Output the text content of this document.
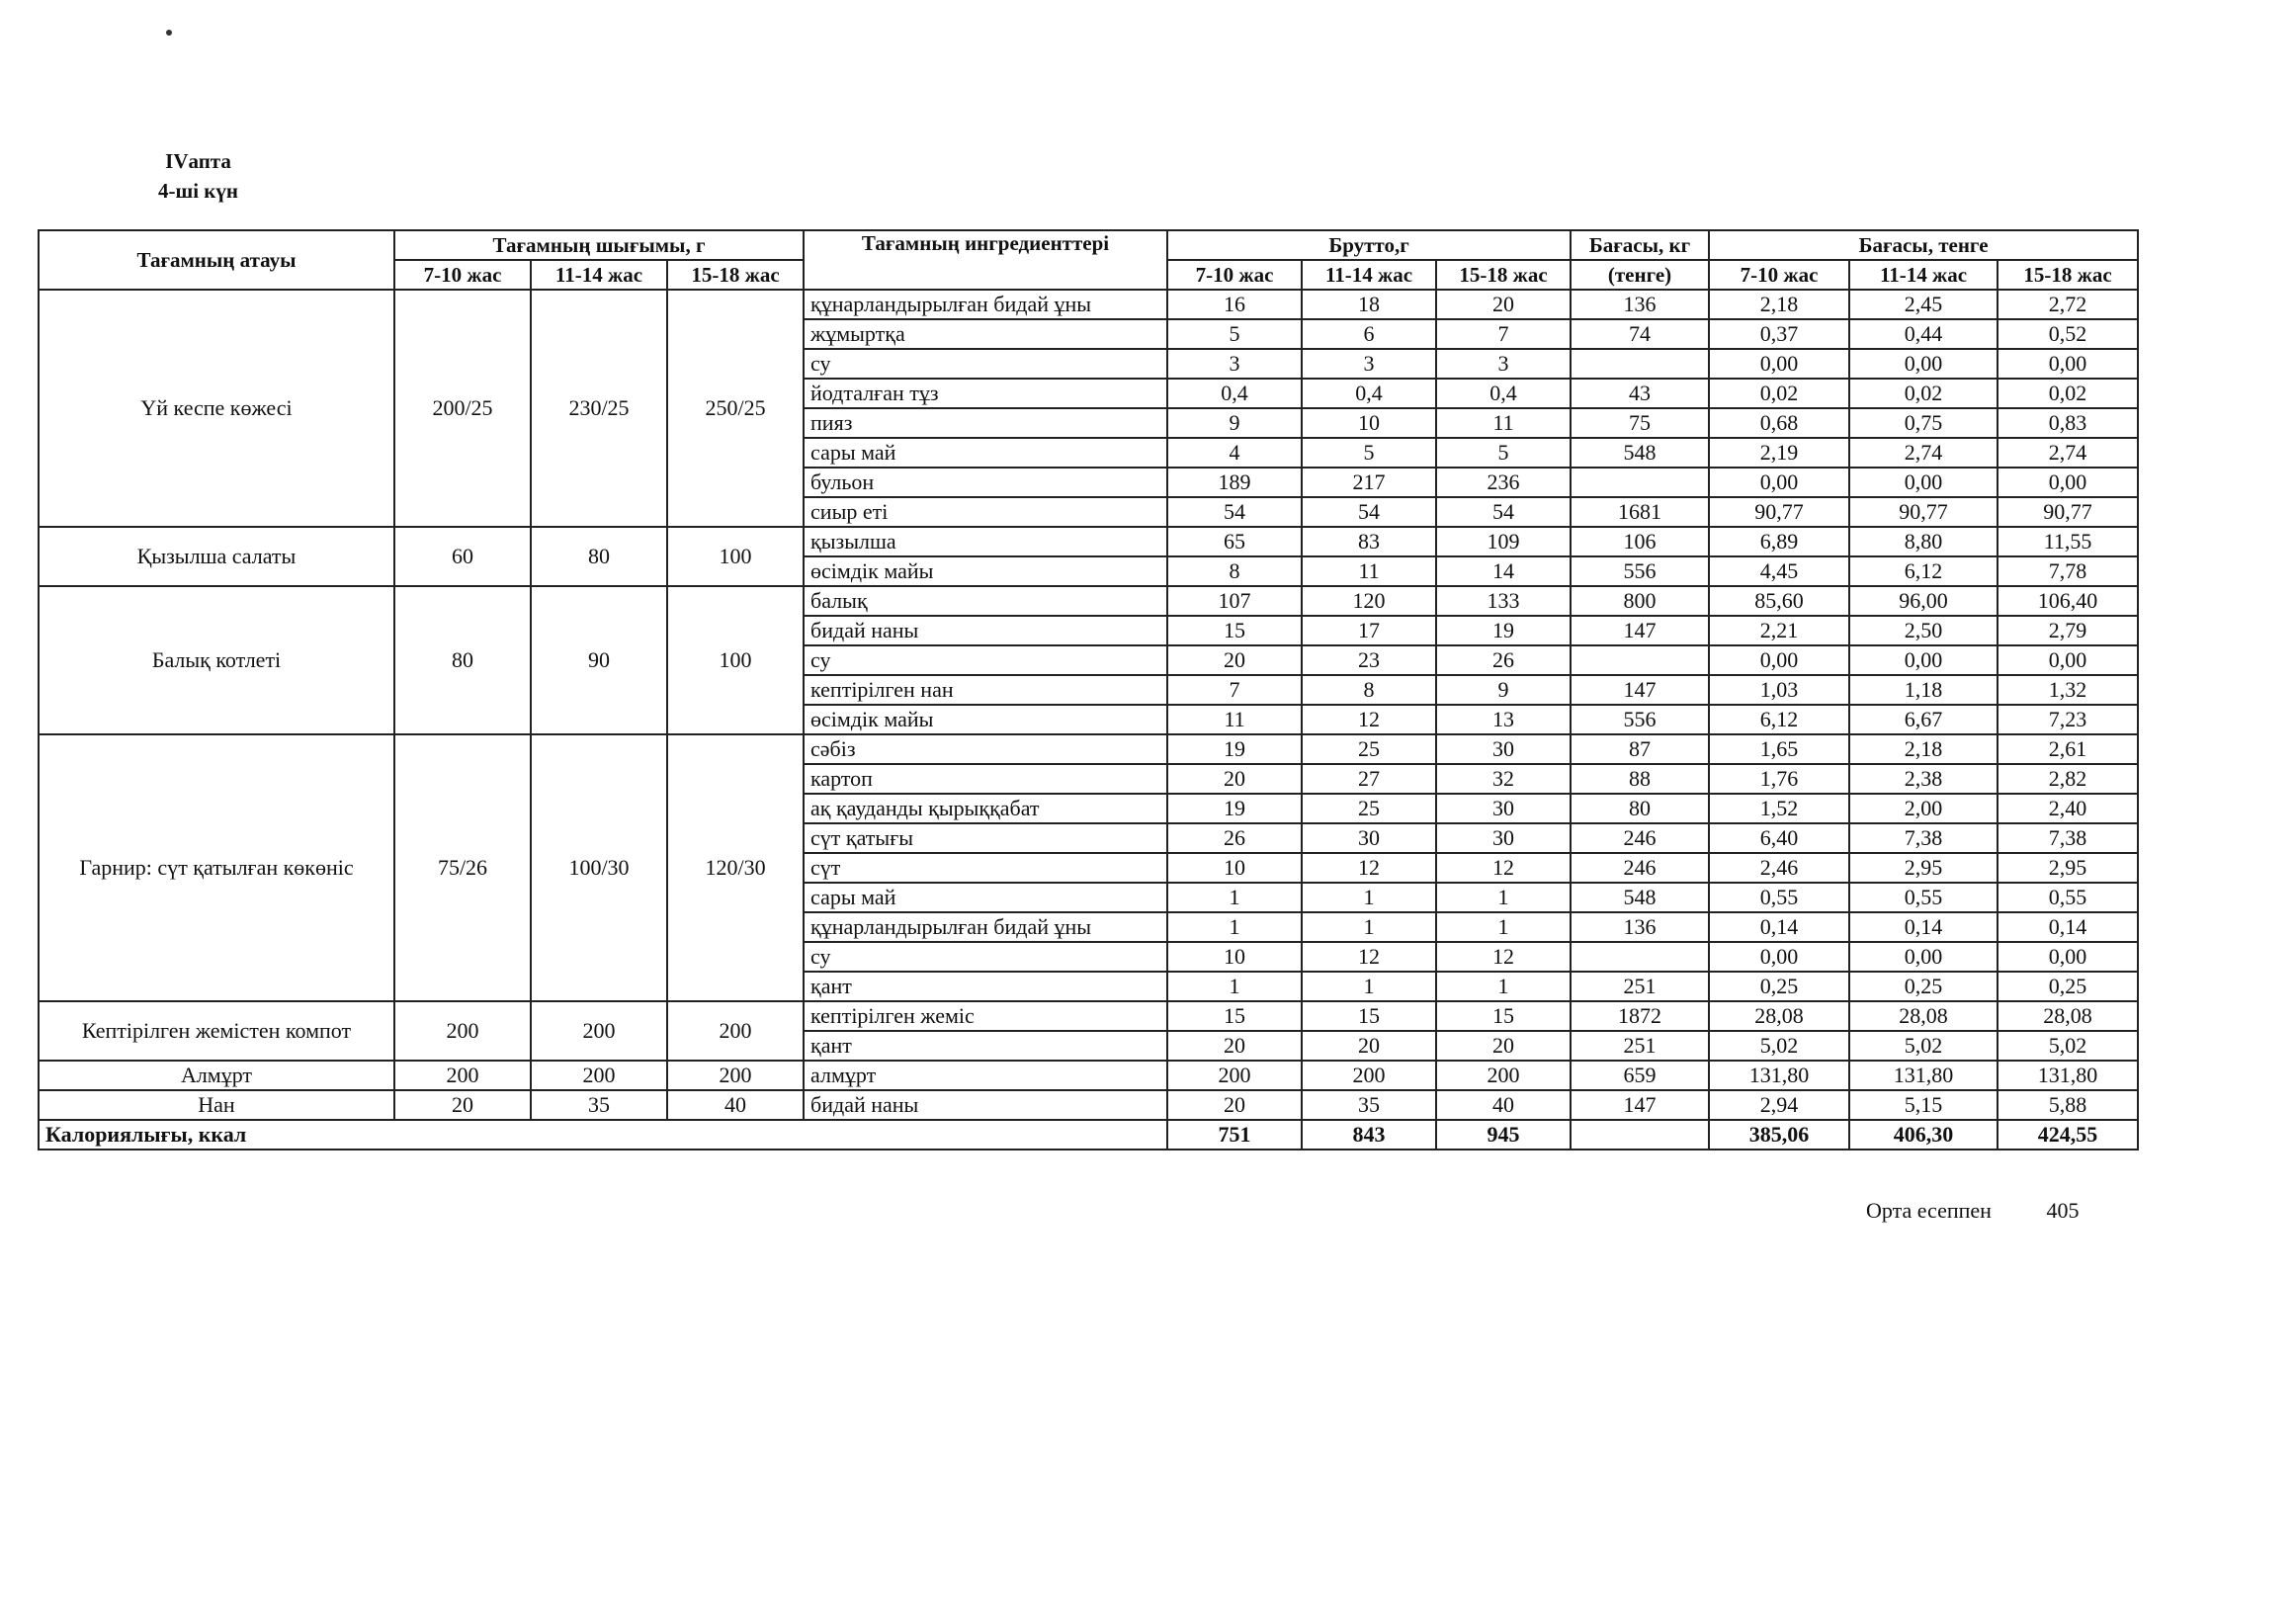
IVапта
4-ші күн
Тағамның атауы	Тағамның шығымы, г			Тағамның ингредиенттері	Брутто,г			Бағасы, кг	Бағасы, тенге		
	7-10 жас	11-14 жас	15-18 жас		7-10 жас	11-14 жас	15-18 жас	(тенге)	7-10 жас	11-14 жас	15-18 жас
Үй кеспе көжесі	200/25	230/25	250/25	құнарландырылған бидай ұны	16	18	20	136	2,18	2,45	2,72
				жұмыртқа	5	6	7	74	0,37	0,44	0,52
				су	3	3	3		0,00	0,00	0,00
				йодталған тұз	0,4	0,4	0,4	43	0,02	0,02	0,02
				пияз	9	10	11	75	0,68	0,75	0,83
				сары май	4	5	5	548	2,19	2,74	2,74
				бульон	189	217	236		0,00	0,00	0,00
				сиыр еті	54	54	54	1681	90,77	90,77	90,77
Қызылша салаты	60	80	100	қызылша	65	83	109	106	6,89	8,80	11,55
				өсімдік майы	8	11	14	556	4,45	6,12	7,78
Балық котлеті	80	90	100	балық	107	120	133	800	85,60	96,00	106,40
				бидай наны	15	17	19	147	2,21	2,50	2,79
				су	20	23	26		0,00	0,00	0,00
				кептірілген нан	7	8	9	147	1,03	1,18	1,32
				өсімдік майы	11	12	13	556	6,12	6,67	7,23
Гарнир: сүт қатылған көкөніс	75/26	100/30	120/30	сәбіз	19	25	30	87	1,65	2,18	2,61
				картоп	20	27	32	88	1,76	2,38	2,82
				ақ қауданды қырыққабат	19	25	30	80	1,52	2,00	2,40
				сүт қатығы	26	30	30	246	6,40	7,38	7,38
				сүт	10	12	12	246	2,46	2,95	2,95
				сары май	1	1	1	548	0,55	0,55	0,55
				құнарландырылған бидай ұны	1	1	1	136	0,14	0,14	0,14
				су	10	12	12		0,00	0,00	0,00
				қант	1	1	1	251	0,25	0,25	0,25
Кептірілген жемістен компот	200	200	200	кептірілген жеміс	15	15	15	1872	28,08	28,08	28,08
				қант	20	20	20	251	5,02	5,02	5,02
Алмұрт	200	200	200	алмұрт	200	200	200	659	131,80	131,80	131,80
Нан	20	35	40	бидай наны	20	35	40	147	2,94	5,15	5,88
Калориялығы, ккал					751	843	945		385,06	406,30	424,55
Орта есеппен	405
